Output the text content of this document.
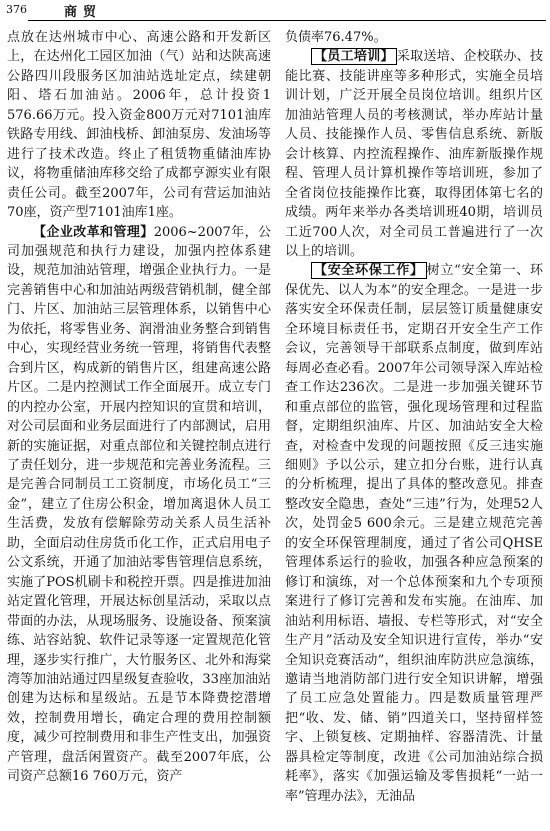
376	商贸

点放在达州城市中心、高速公路和开发新区上，在达州化工园区加油（气）站和达陕高速公路四川段服务区加油站选址定点，续建朝阳、塔石加油站。2006年，总计投资1 576.66万元。投入资金800万元对7101油库铁路专用线、卸油栈桥、卸油泵房、发油场等进行了技术改造。终止了租赁物重储油库协议，将物重储油库移交给了成都亨源实业有限责任公司。截至2007年，公司有营运加油站70座，资产型7101油库1座。

【企业改革和管理】2006~2007年，公司加强规范和执行力建设，加强内控体系建设，规范加油站管理，增强企业执行力。一是完善销售中心和加油站两级营销机制，健全部门、片区、加油站三层管理体系，以销售中心为依托，将零售业务、润滑油业务整合到销售中心，实现经营业务统一管理，将销售代表整合到片区，构成新的销售片区，组建高速公路片区。二是内控测试工作全面展开。成立专门的内控办公室，开展内控知识的宣贯和培训，对公司层面和业务层面进行了内部测试，启用新的实施证据，对重点部位和关键控制点进行了责任划分，进一步规范和完善业务流程。三是完善合同制员工工资制度，市场化员工“三金”，建立了住房公积金，增加离退休人员工生活费，发放有偿解除劳动关系人员生活补助，全面启动住房货币化工作，正式启用电子公文系统，开通了加油站零售管理信息系统，实施了POS机刷卡和税控开票。四是推进加油站定置化管理，开展达标创星活动，采取以点带面的办法，从现场服务、设施设备、预案演练、站容站貌、软件记录等逐一定置规范化管理，逐步实行推广，大竹服务区、北外和海棠湾等加油站通过四星级复查验收，33座加油站创建为达标和星级站。五是节本降费挖潜增效，控制费用增长，确定合理的费用控制额度，减少可控制费用和非生产性支出，加强资产管理，盘活闲置资产。截至2007年底，公司资产总额16 760万元，资产

负债率76.47%。

【员工培训】 采取送培、企校联办、技能比赛、技能讲座等多种形式，实施全员培训计划，广泛开展全员岗位培训。组织片区加油站管理人员的考核测试，举办库站计量人员、技能操作人员、零售信息系统、新版会计核算、内控流程操作、油库新版操作规程、管理人员计算机操作等培训班，参加了全省岗位技能操作比赛，取得团体第七名的成绩。两年来举办各类培训班40期，培训员工近700人次，对全司员工普遍进行了一次以上的培训。

【安全环保工作】 树立“安全第一、环保优先、以人为本”的安全理念。一是进一步落实安全环保责任制，层层签订质量健康安全环境目标责任书，定期召开安全生产工作会议，完善领导干部联系点制度，做到库站每周必查必看。2007年公司领导深入库站检查工作达236次。二是进一步加强关键环节和重点部位的监管，强化现场管理和过程监督，定期组织油库、片区、加油站安全大检查，对检查中发现的问题按照《反三违实施细则》予以公示，建立扣分台账，进行认真的分析梳理，提出了具体的整改意见。排查整改安全隐患，查处“三违”行为，处理52人次，处罚金5 600余元。三是建立规范完善的安全环保管理制度，通过了省公司QHSE管理体系运行的验收，加强各种应急预案的修订和演练，对一个总体预案和九个专项预案进行了修订完善和发布实施。在油库、加油站利用标语、墙报、专栏等形式，对“安全生产月”活动及安全知识进行宣传，举办“安全知识竞赛活动”，组织油库防洪应急演练，邀请当地消防部门进行安全知识讲解，增强了员工应急处置能力。四是数质量管理严把“收、发、储、销”四道关口，坚持留样签字、上锁复核、定期抽样、容器清洗、计量器具检定等制度，改进《公司加油站综合损耗率》，落实《加强运输及零售损耗“一站一率”管理办法》，无油品
